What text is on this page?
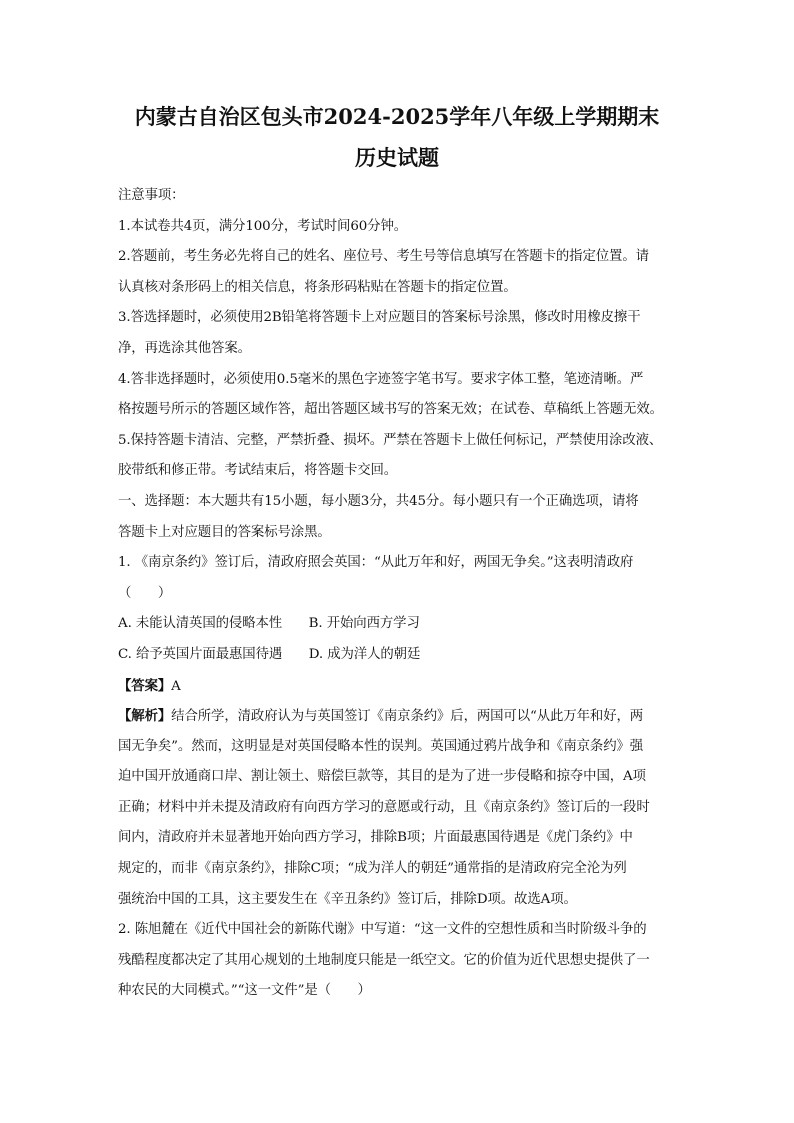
内蒙古自治区包头市2024-2025学年八年级上学期期末
历史试题
注意事项：
1.本试卷共4页，满分100分，考试时间60分钟。
2.答题前，考生务必先将自己的姓名、座位号、考生号等信息填写在答题卡的指定位置。请
认真核对条形码上的相关信息，将条形码粘贴在答题卡的指定位置。
3.答选择题时，必须使用2B铅笔将答题卡上对应题目的答案标号涂黑，修改时用橡皮擦干
净，再选涂其他答案。
4.答非选择题时，必须使用0.5毫米的黑色字迹签字笔书写。要求字体工整，笔迹清晰。严
格按题号所示的答题区域作答，超出答题区域书写的答案无效；在试卷、草稿纸上答题无效。
5.保持答题卡清洁、完整，严禁折叠、损坏。严禁在答题卡上做任何标记，严禁使用涂改液、
胶带纸和修正带。考试结束后，将答题卡交回。
一、选择题：本大题共有15小题，每小题3分，共45分。每小题只有一个正确选项，请将
答题卡上对应题目的答案标号涂黑。
1. 《南京条约》签订后，清政府照会英国：“从此万年和好，两国无争矣。”这表明清政府
（　　）
A. 未能认清英国的侵略本性　　B. 开始向西方学习
C. 给予英国片面最惠国待遇　　D. 成为洋人的朝廷
【答案】A
【解析】结合所学，清政府认为与英国签订《南京条约》后，两国可以“从此万年和好，两
国无争矣”。然而，这明显是对英国侵略本性的误判。英国通过鸦片战争和《南京条约》强
迫中国开放通商口岸、割让领土、赔偿巨款等，其目的是为了进一步侵略和掠夺中国，A项
正确；材料中并未提及清政府有向西方学习的意愿或行动，且《南京条约》签订后的一段时
间内，清政府并未显著地开始向西方学习，排除B项；片面最惠国待遇是《虎门条约》中
规定的，而非《南京条约》，排除C项；“成为洋人的朝廷”通常指的是清政府完全沦为列
强统治中国的工具，这主要发生在《辛丑条约》签订后，排除D项。故选A项。
2. 陈旭麓在《近代中国社会的新陈代谢》中写道：“这一文件的空想性质和当时阶级斗争的
残酷程度都决定了其用心规划的土地制度只能是一纸空文。它的价值为近代思想史提供了一
种农民的大同模式。”“这一文件”是（　　）
